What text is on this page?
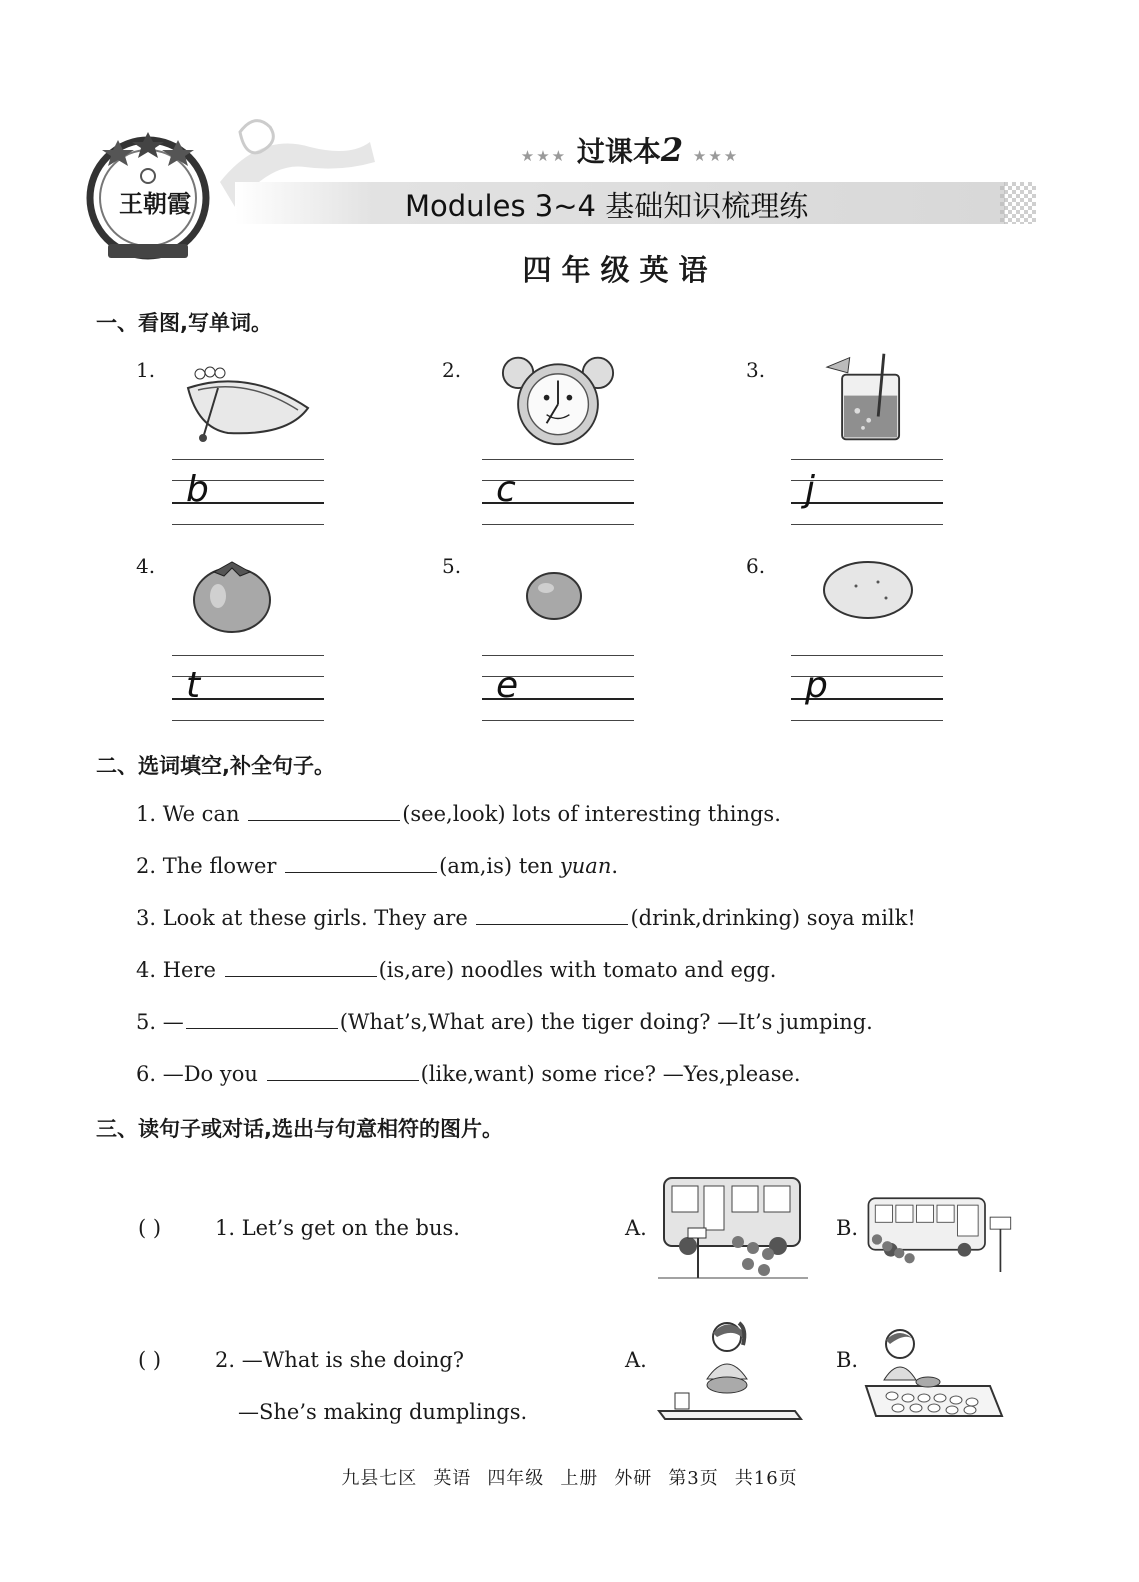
王朝霞
★★★ 过课本2 ★★★
Modules 3~4 基础知识梳理练
四年级英语
一、看图,写单词。
1.
b
2.
c
3.
j
4.
t
5.
e
6.
p
二、选词填空,补全句子。
1. We can	(see,look) lots of interesting things.
2. The flower	(am,is) ten yuan.
3. Look at these girls. They are	(drink,drinking) soya milk!
4. Here	(is,are) noodles with tomato and egg.
5. —	(What’s,What are) the tiger doing? —It’s jumping.
6. —Do you	(like,want) some rice? —Yes,please.
三、读句子或对话,选出与句意相符的图片。
( )	1. Let’s get on the bus.	A.	B.
( )	2. —What is she doing?
—She’s making dumplings.
A.	B.
九县七区 英语 四年级 上册 外研 第3页 共16页
